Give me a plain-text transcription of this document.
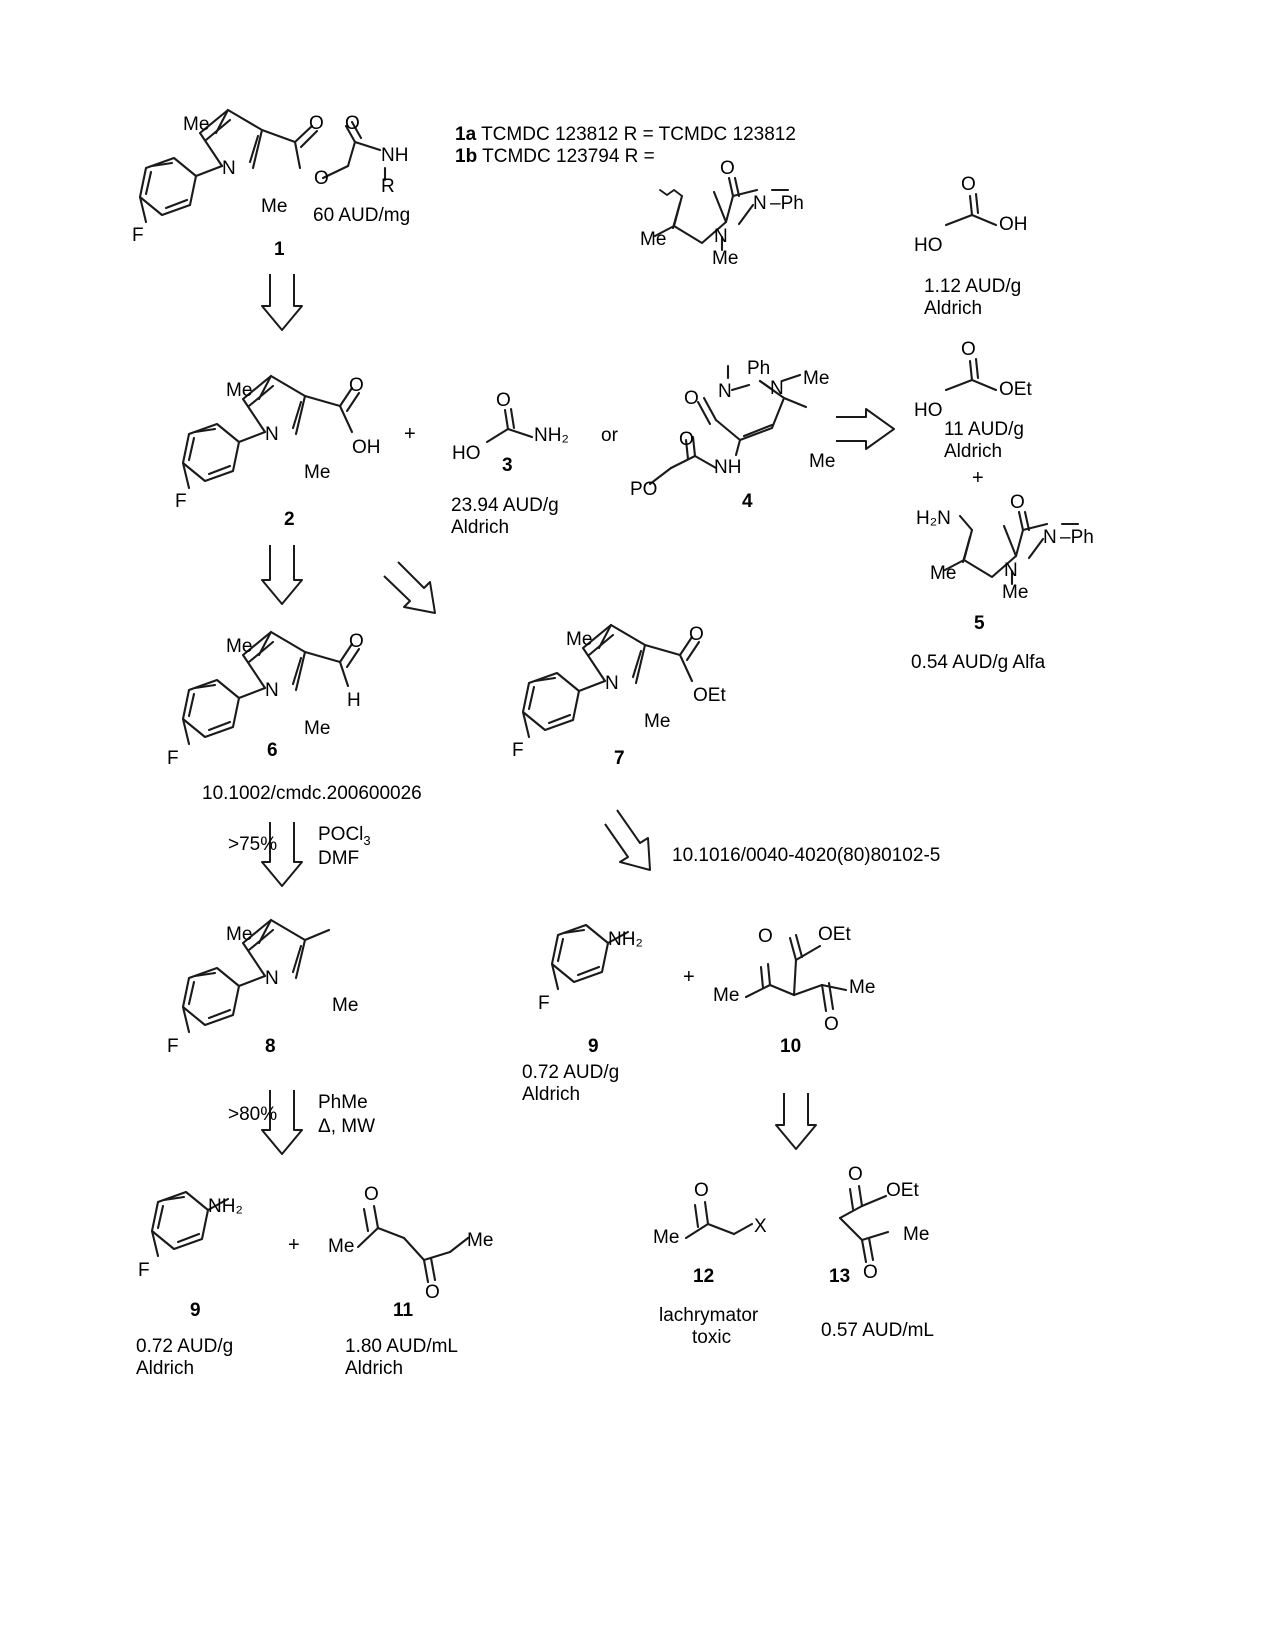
Me
Me
N
F
O O
O
NH
R
60 AUD/mg
1
1a TCMDC 123812 R = TCMDC 123812
1b TCMDC 123794 R =
O
N –Ph
N
Me
Me
O
OH
HO
1.12 AUD/g
Aldrich
Me
Me
N
F
O
OH
2
+
O
NH₂
HO
3
23.94 AUD/g
Aldrich
or
Ph
N N Me
Me
O
O
NH
PO
4
O
OEt
HO
11 AUD/g
Aldrich
+
H₂N
O
N –Ph
N
Me
Me
5
0.54 AUD/g Alfa
Me
Me
N
F
O
H
6
10.1002/cmdc.200600026
>75% POCl$_3$
DMF
Me
Me
N
F
O
OEt
7
10.1016/0040-4020(80)80102-5
Me
Me
N
F	8
>80%
PhMe
Δ, MW
NH₂
F
9
0.72 AUD/g
Aldrich
+
O OEt
Me	Me
O
10
NH₂
F
9
0.72 AUD/g
Aldrich
+
O
Me	Me
O
11
1.80 AUD/mL
Aldrich
O
Me
X
12
lachrymator
toxic
O
OEt
Me
O
13
0.57 AUD/mL
